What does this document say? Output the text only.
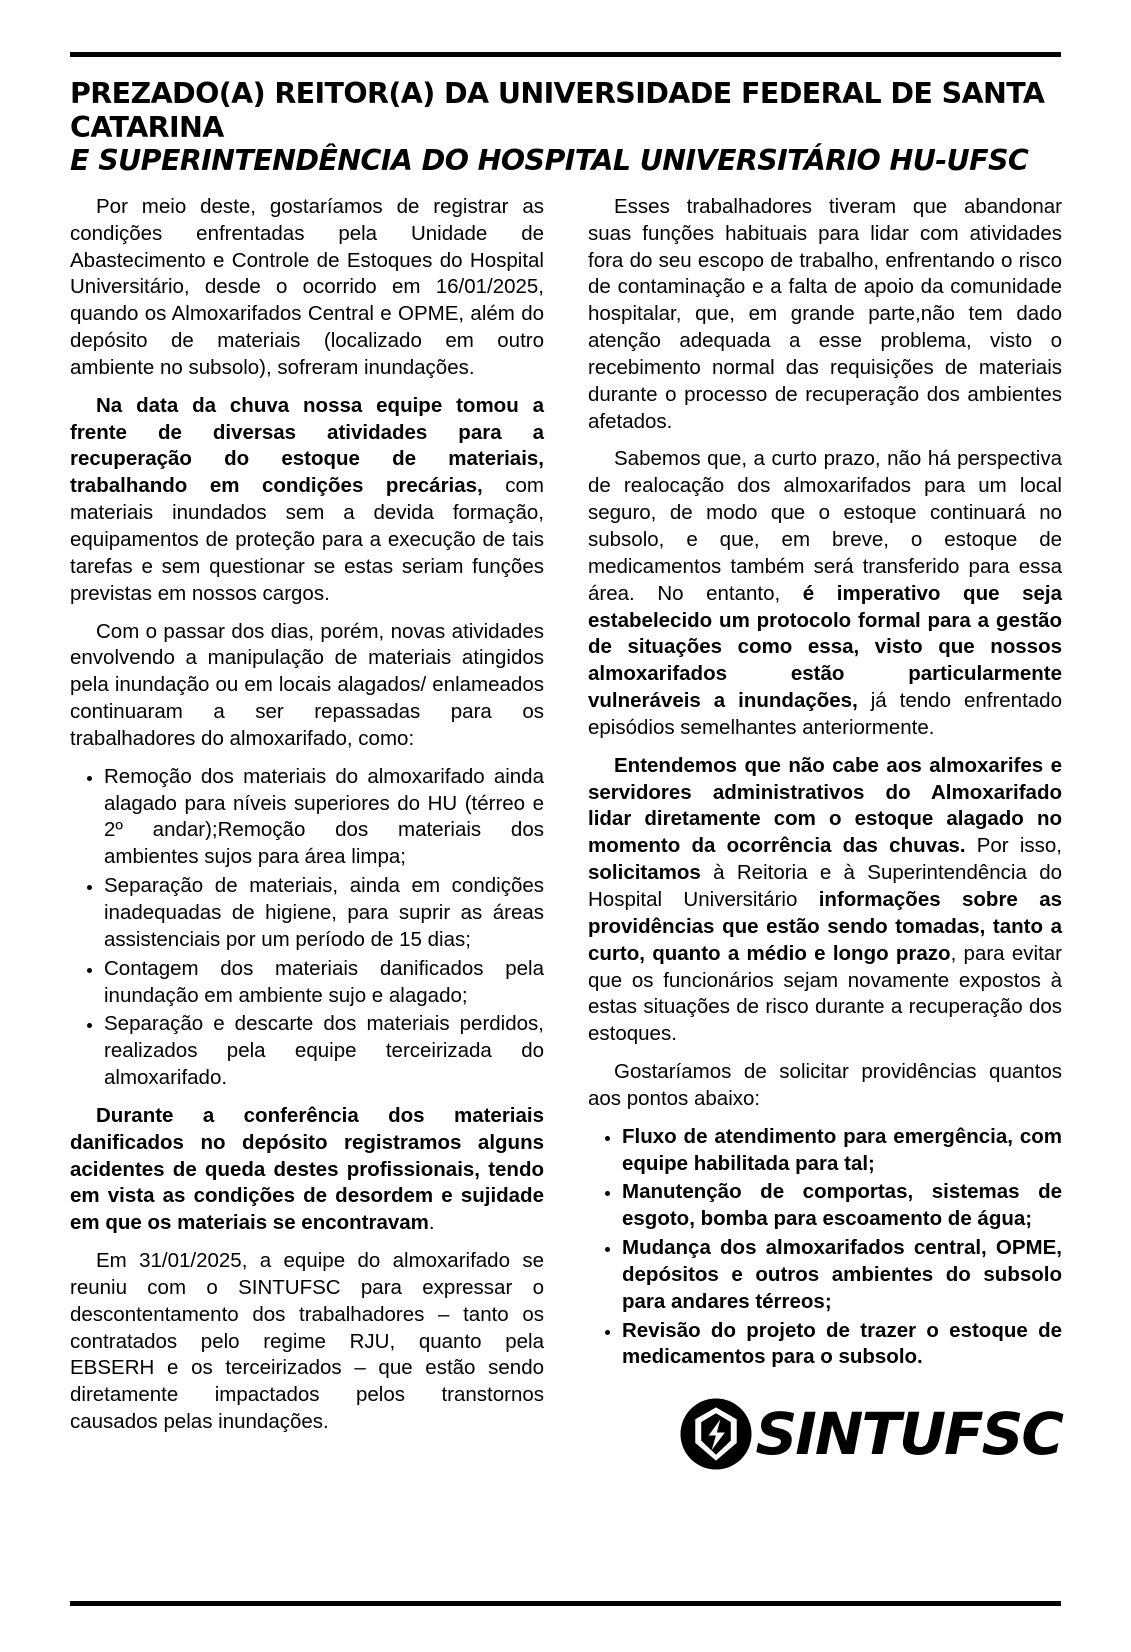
PREZADO(A) REITOR(A) DA UNIVERSIDADE FEDERAL DE SANTA CATARINA
E SUPERINTENDÊNCIA DO HOSPITAL UNIVERSITÁRIO HU-UFSC

Por meio deste, gostaríamos de registrar as condições enfrentadas pela Unidade de Abastecimento e Controle de Estoques do Hospital Universitário, desde o ocorrido em 16/01/2025, quando os Almoxarifados Central e OPME, além do depósito de materiais (localizado em outro ambiente no subsolo), sofreram inundações.

Na data da chuva nossa equipe tomou a frente de diversas atividades para a recuperação do estoque de materiais, trabalhando em condições precárias, com materiais inundados sem a devida formação, equipamentos de proteção para a execução de tais tarefas e sem questionar se estas seriam funções previstas em nossos cargos.

Com o passar dos dias, porém, novas atividades envolvendo a manipulação de materiais atingidos pela inundação ou em locais alagados/ enlameados continuaram a ser repassadas para os trabalhadores do almoxarifado, como:

• Remoção dos materiais do almoxarifado ainda alagado para níveis superiores do HU (térreo e 2º andar);Remoção dos materiais dos ambientes sujos para área limpa;
• Separação de materiais, ainda em condições inadequadas de higiene, para suprir as áreas assistenciais por um período de 15 dias;
• Contagem dos materiais danificados pela inundação em ambiente sujo e alagado;
• Separação e descarte dos materiais perdidos, realizados pela equipe terceirizada do almoxarifado.

Durante a conferência dos materiais danificados no depósito registramos alguns acidentes de queda destes profissionais, tendo em vista as condições de desordem e sujidade em que os materiais se encontravam.

Em 31/01/2025, a equipe do almoxarifado se reuniu com o SINTUFSC para expressar o descontentamento dos trabalhadores – tanto os contratados pelo regime RJU, quanto pela EBSERH e os terceirizados – que estão sendo diretamente impactados pelos transtornos causados pelas inundações.

Esses trabalhadores tiveram que abandonar suas funções habituais para lidar com atividades fora do seu escopo de trabalho, enfrentando o risco de contaminação e a falta de apoio da comunidade hospitalar, que, em grande parte,não tem dado atenção adequada a esse problema, visto o recebimento normal das requisições de materiais durante o processo de recuperação dos ambientes afetados.

Sabemos que, a curto prazo, não há perspectiva de realocação dos almoxarifados para um local seguro, de modo que o estoque continuará no subsolo, e que, em breve, o estoque de medicamentos também será transferido para essa área. No entanto, é imperativo que seja estabelecido um protocolo formal para a gestão de situações como essa, visto que nossos almoxarifados estão particularmente vulneráveis a inundações, já tendo enfrentado episódios semelhantes anteriormente.

Entendemos que não cabe aos almoxarifes e servidores administrativos do Almoxarifado lidar diretamente com o estoque alagado no momento da ocorrência das chuvas. Por isso, solicitamos à Reitoria e à Superintendência do Hospital Universitário informações sobre as providências que estão sendo tomadas, tanto a curto, quanto a médio e longo prazo, para evitar que os funcionários sejam novamente expostos à estas situações de risco durante a recuperação dos estoques.

Gostaríamos de solicitar providências quantos aos pontos abaixo:

• Fluxo de atendimento para emergência, com equipe habilitada para tal;
• Manutenção de comportas, sistemas de esgoto, bomba para escoamento de água;
• Mudança dos almoxarifados central, OPME, depósitos e outros ambientes do subsolo para andares térreos;
• Revisão do projeto de trazer o estoque de medicamentos para o subsolo.
SINTUFSC
